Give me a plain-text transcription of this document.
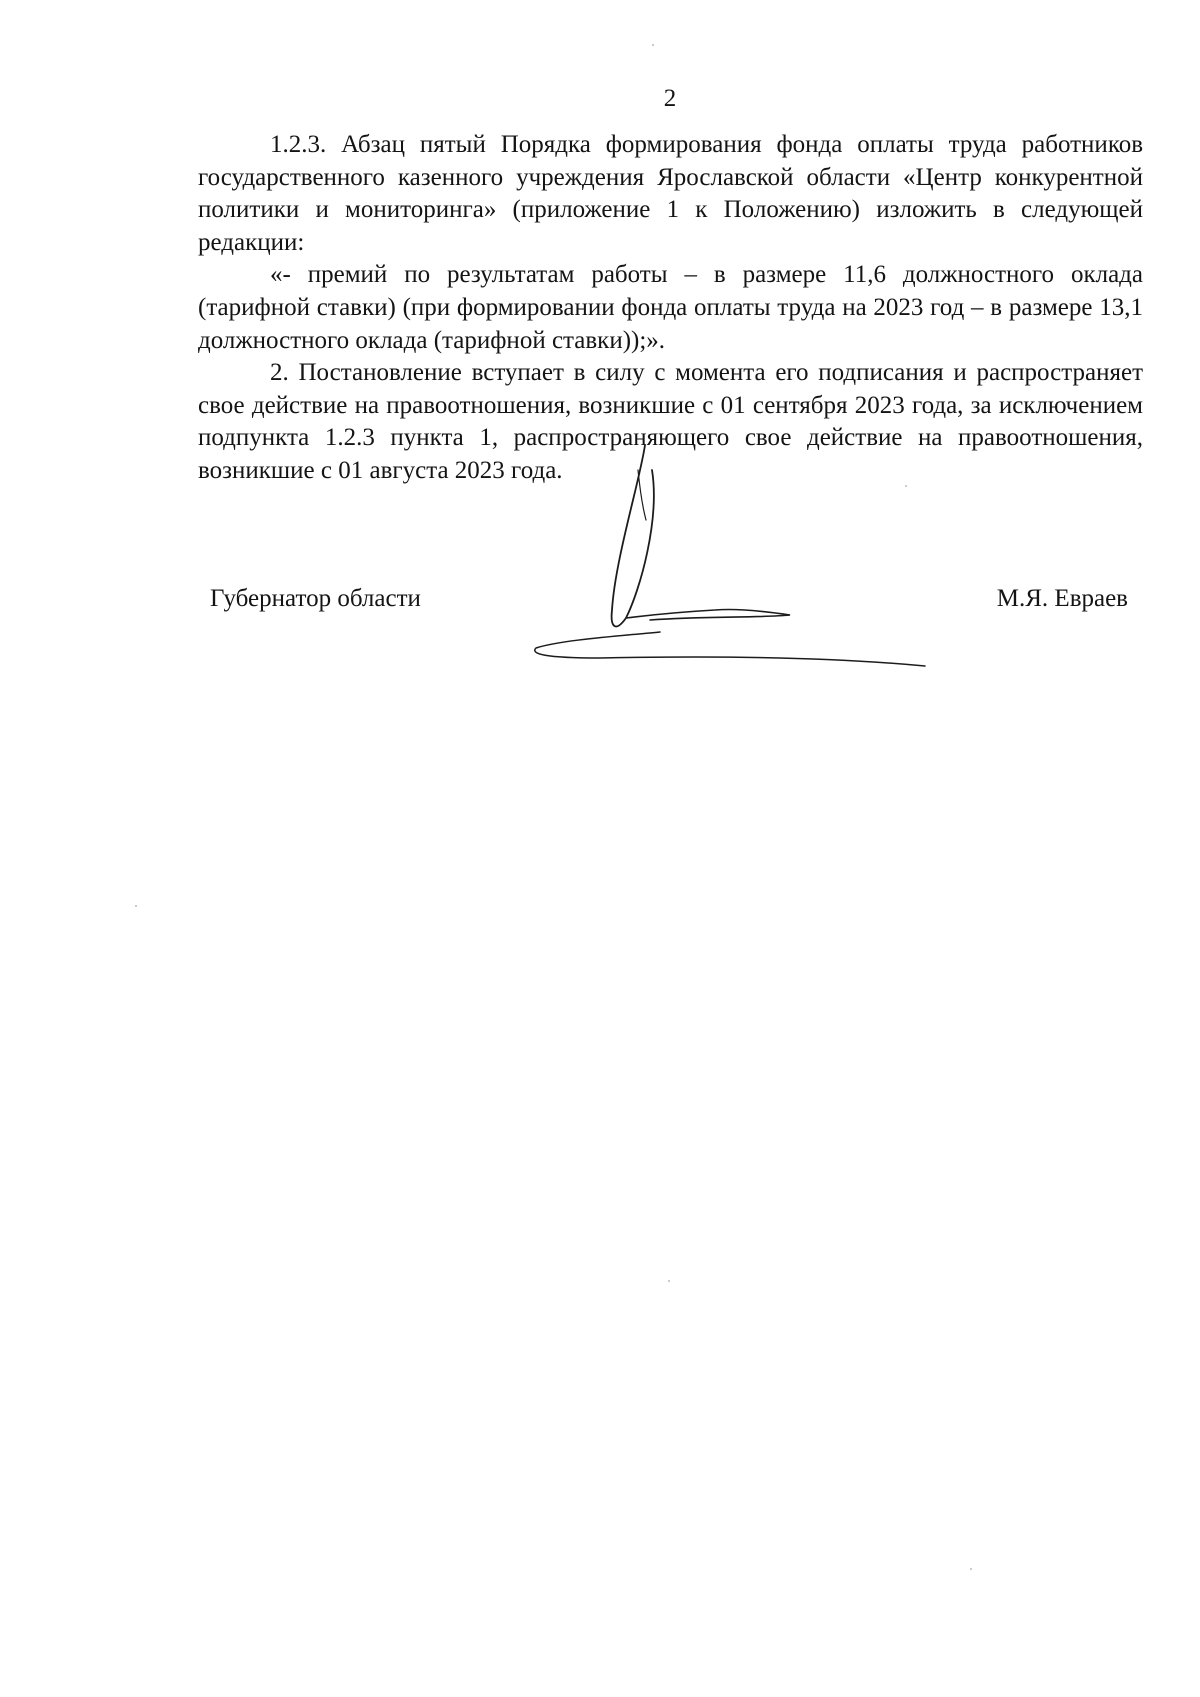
2

1.2.3. Абзац пятый Порядка формирования фонда оплаты труда работников государственного казенного учреждения Ярославской области «Центр конкурентной политики и мониторинга» (приложение 1 к Положению) изложить в следующей редакции:

«- премий по результатам работы – в размере 11,6 должностного оклада (тарифной ставки) (при формировании фонда оплаты труда на 2023 год – в размере 13,1 должностного оклада (тарифной ставки));».

2. Постановление вступает в силу с момента его подписания и распространяет свое действие на правоотношения, возникшие с 01 сентября 2023 года, за исключением подпункта 1.2.3 пункта 1, распространяющего свое действие на правоотношения, возникшие с 01 августа 2023 года.

Губернатор области	М.Я. Евраев
